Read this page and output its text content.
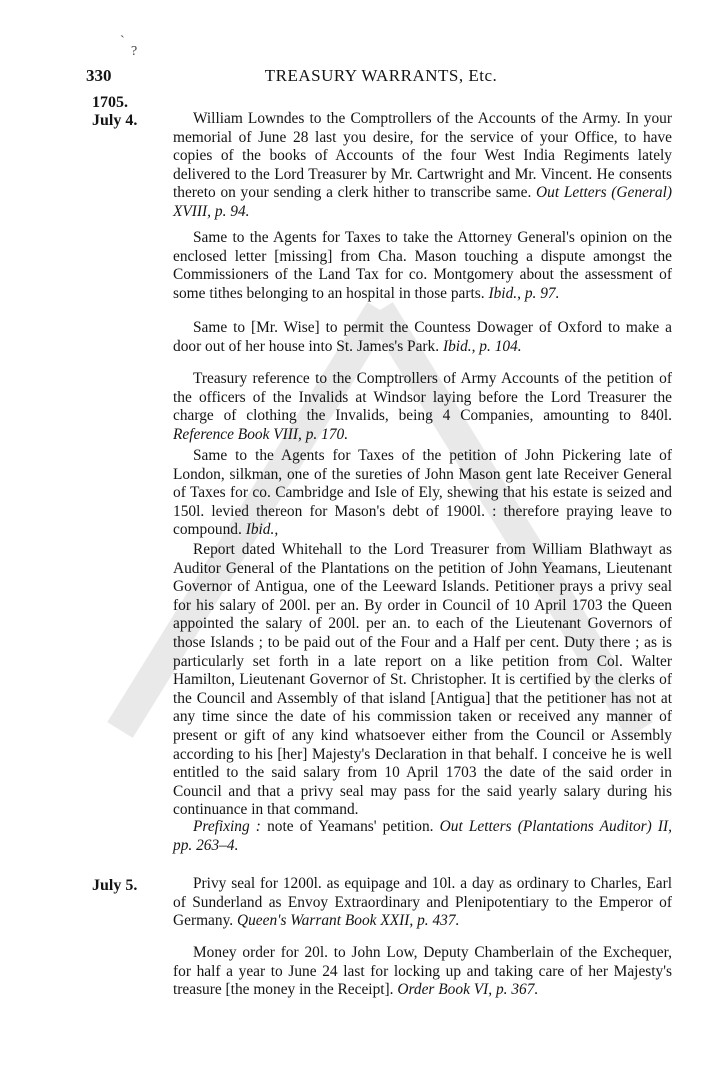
`
?
330	TREASURY WARRANTS, Etc.
1705.
July 4.	William Lowndes to the Comptrollers of the Accounts of the Army. In your memorial of June 28 last you desire, for the service of your Office, to have copies of the books of Accounts of the four West India Regiments lately delivered to the Lord Treasurer by Mr. Cartwright and Mr. Vincent. He consents thereto on your sending a clerk hither to transcribe same. Out Letters (General) XVIII, p. 94.

Same to the Agents for Taxes to take the Attorney General's opinion on the enclosed letter [missing] from Cha. Mason touching a dispute amongst the Commissioners of the Land Tax for co. Montgomery about the assessment of some tithes belonging to an hospital in those parts. Ibid., p. 97.

Same to [Mr. Wise] to permit the Countess Dowager of Oxford to make a door out of her house into St. James's Park. Ibid., p. 104.

Treasury reference to the Comptrollers of Army Accounts of the petition of the officers of the Invalids at Windsor laying before the Lord Treasurer the charge of clothing the Invalids, being 4 Companies, amounting to 840l. Reference Book VIII, p. 170.

Same to the Agents for Taxes of the petition of John Pickering late of London, silkman, one of the sureties of John Mason gent late Receiver General of Taxes for co. Cambridge and Isle of Ely, shewing that his estate is seized and 150l. levied thereon for Mason's debt of 1900l. : therefore praying leave to compound. Ibid.,

Report dated Whitehall to the Lord Treasurer from William Blathwayt as Auditor General of the Plantations on the petition of John Yeamans, Lieutenant Governor of Antigua, one of the Leeward Islands. Petitioner prays a privy seal for his salary of 200l. per an. By order in Council of 10 April 1703 the Queen appointed the salary of 200l. per an. to each of the Lieutenant Governors of those Islands ; to be paid out of the Four and a Half per cent. Duty there ; as is particularly set forth in a late report on a like petition from Col. Walter Hamilton, Lieutenant Governor of St. Christopher. It is certified by the clerks of the Council and Assembly of that island [Antigua] that the petitioner has not at any time since the date of his commission taken or received any manner of present or gift of any kind whatsoever either from the Council or Assembly according to his [her] Majesty's Declaration in that behalf. I conceive he is well entitled to the said salary from 10 April 1703 the date of the said order in Council and that a privy seal may pass for the said yearly salary during his continuance in that command.

Prefixing : note of Yeamans' petition. Out Letters (Plantations Auditor) II, pp. 263–4.

July 5.	Privy seal for 1200l. as equipage and 10l. a day as ordinary to Charles, Earl of Sunderland as Envoy Extraordinary and Plenipotentiary to the Emperor of Germany. Queen's Warrant Book XXII, p. 437.

Money order for 20l. to John Low, Deputy Chamberlain of the Exchequer, for half a year to June 24 last for locking up and taking care of her Majesty's treasure [the money in the Receipt]. Order Book VI, p. 367.
